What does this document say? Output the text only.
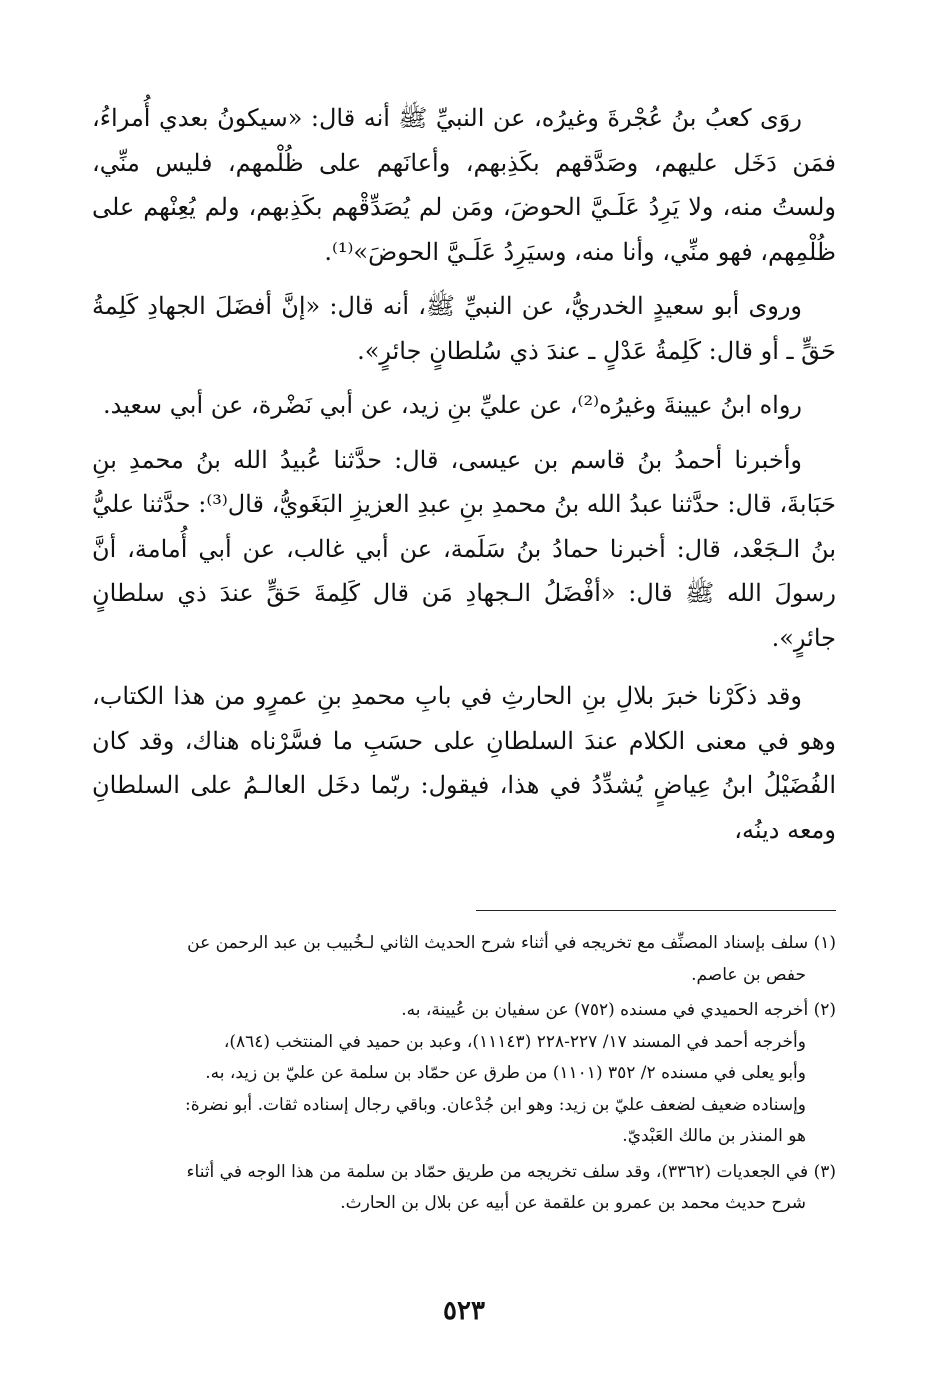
روَى كعبُ بنُ عُجْرةَ وغيرُه، عن النبيِّ ﷺ أنه قال: «سيكونُ بعدي أُمراءُ، فمَن دَخَل عليهم، وصَدَّقهم بكَذِبهم، وأعانَهم على ظُلْمهم، فليس منِّي، ولستُ منه، ولا يَرِدُ عَلَـيَّ الحوضَ، ومَن لم يُصَدِّقْهم بكَذِبهم، ولم يُعِنْهم على ظُلْمِهم، فهو منِّي، وأنا منه، وسيَرِدُ عَلَـيَّ الحوضَ»⁽¹⁾.

وروى أبو سعيدٍ الخدريُّ، عن النبيِّ ﷺ، أنه قال: «إنَّ أفضَلَ الجهادِ كَلِمةُ حَقٍّ ـ أو قال: كَلِمةُ عَدْلٍ ـ عندَ ذي سُلطانٍ جائرٍ».

رواه ابنُ عيينةَ وغيرُه⁽²⁾، عن عليِّ بنِ زيد، عن أبي نَضْرة، عن أبي سعيد.

وأخبرنا أحمدُ بنُ قاسم بن عيسى، قال: حدَّثنا عُبيدُ الله بنُ محمدِ بنِ حَبَابةَ، قال: حدَّثنا عبدُ الله بنُ محمدِ بنِ عبدِ العزيزِ البَغَويُّ، قال⁽³⁾: حدَّثنا عليُّ بنُ الـجَعْد، قال: أخبرنا حمادُ بنُ سَلَمة، عن أبي غالب، عن أبي أُمامة، أنَّ رسولَ الله ﷺ قال: «أفْضَلُ الـجهادِ مَن قال كَلِمةَ حَقٍّ عندَ ذي سلطانٍ جائرٍ».

وقد ذكَرْنا خبرَ بلالِ بنِ الحارثِ في بابِ محمدِ بنِ عمرٍو من هذا الكتاب، وهو في معنى الكلام عندَ السلطانِ على حسَبِ ما فسَّرْناه هناك، وقد كان الفُضَيْلُ ابنُ عِياضٍ يُشدِّدُ في هذا، فيقول: ربّما دخَل العالـمُ على السلطانِ ومعه دينُه،

(١) سلف بإسناد المصنِّف مع تخريجه في أثناء شرح الحديث الثاني لـخُبيب بن عبد الرحمن عن
حفص بن عاصم.
(٢) أخرجه الحميدي في مسنده (٧٥٢) عن سفيان بن عُيينة، به.
وأخرجه أحمد في المسند ١٧/ ٢٢٧-٢٢٨ (١١١٤٣)، وعبد بن حميد في المنتخب (٨٦٤)،
وأبو يعلى في مسنده ٢/ ٣٥٢ (١١٠١) من طرق عن حمّاد بن سلمة عن عليّ بن زيد، به.
وإسناده ضعيف لضعف عليّ بن زيد: وهو ابن جُدْعان. وباقي رجال إسناده ثقات. أبو نضرة:
هو المنذر بن مالك العَبْديّ.
(٣) في الجعديات (٣٣٦٢)، وقد سلف تخريجه من طريق حمّاد بن سلمة من هذا الوجه في أثناء
شرح حديث محمد بن عمرو بن علقمة عن أبيه عن بلال بن الحارث.
٥٢٣
